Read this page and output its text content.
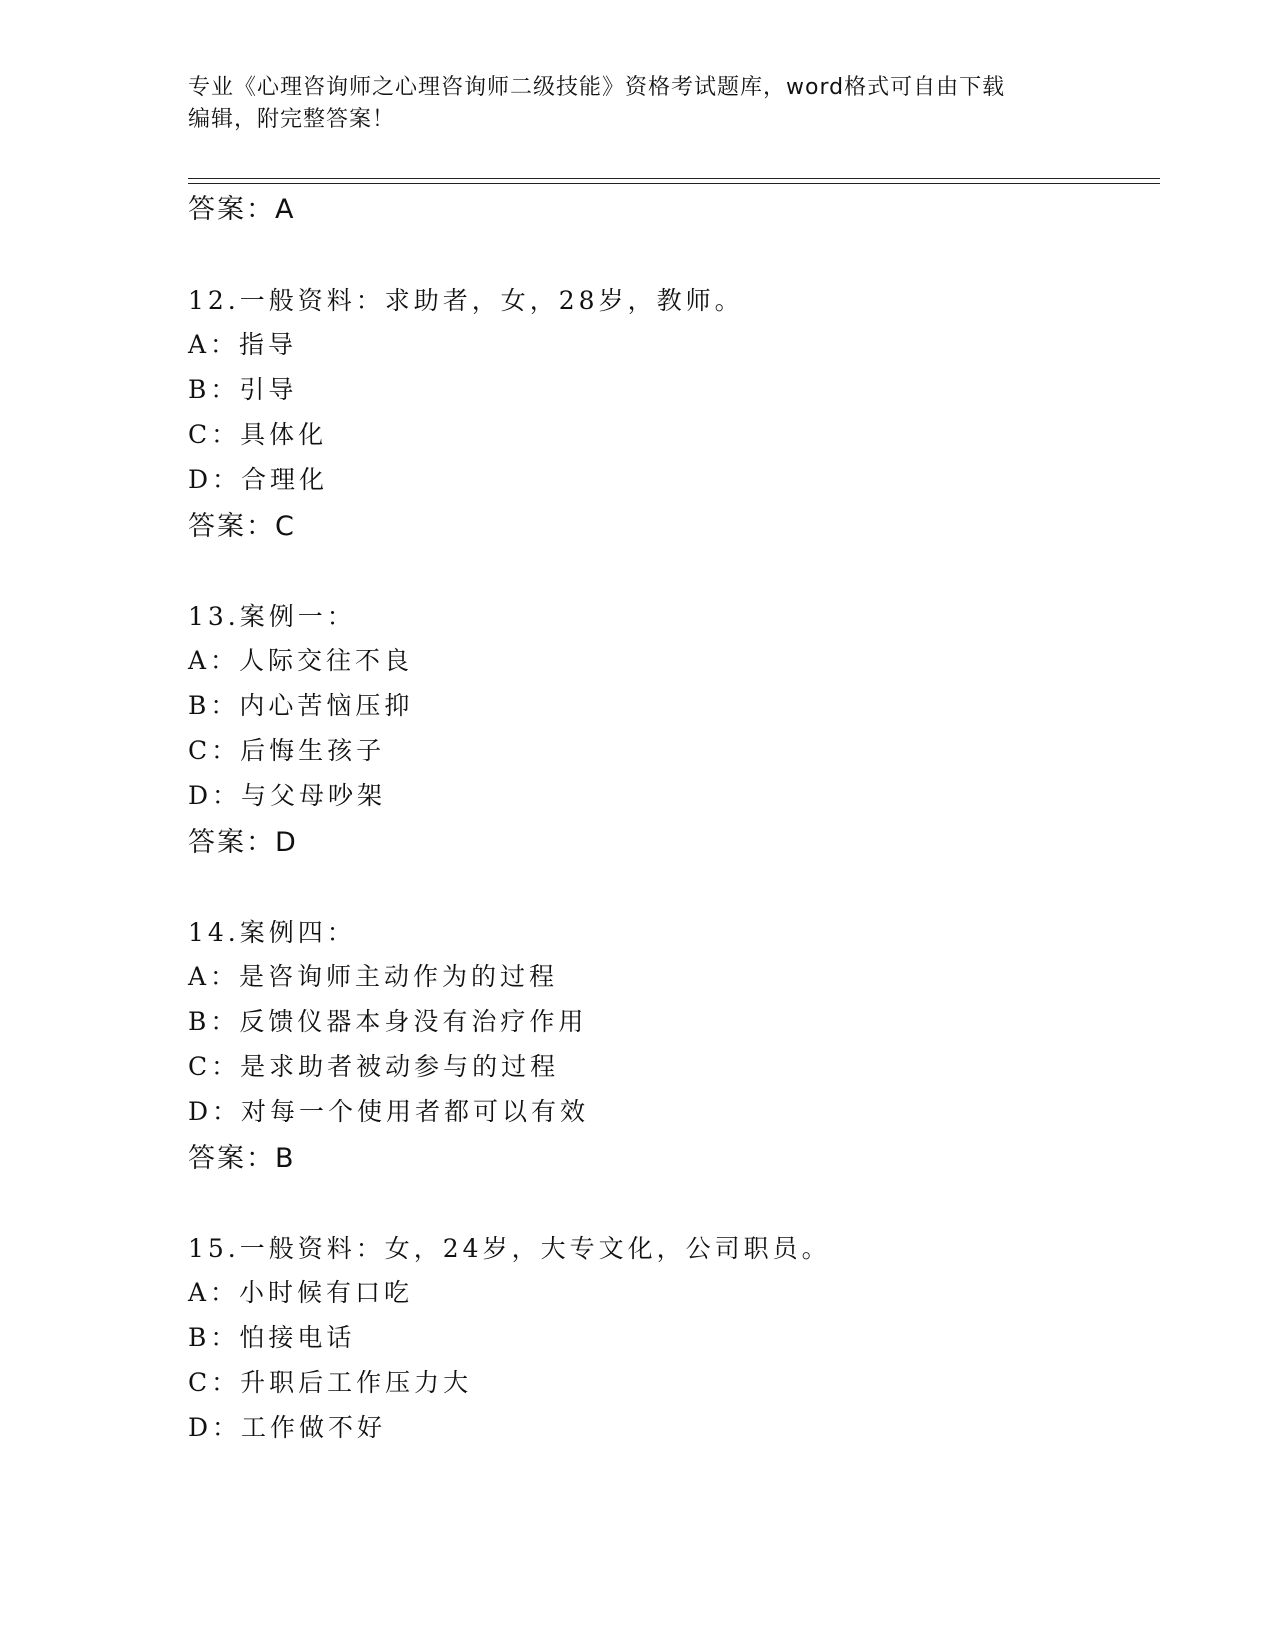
专业《心理咨询师之心理咨询师二级技能》资格考试题库，word格式可自由下载
编辑，附完整答案！
答案：A
12.一般资料：求助者，女，28岁，教师。
A：指导
B：引导
C：具体化
D：合理化
答案：C
13.案例一：
A：人际交往不良
B：内心苦恼压抑
C：后悔生孩子
D：与父母吵架
答案：D
14.案例四：
A：是咨询师主动作为的过程
B：反馈仪器本身没有治疗作用
C：是求助者被动参与的过程
D：对每一个使用者都可以有效
答案：B
15.一般资料：女，24岁，大专文化，公司职员。
A：小时候有口吃
B：怕接电话
C：升职后工作压力大
D：工作做不好
